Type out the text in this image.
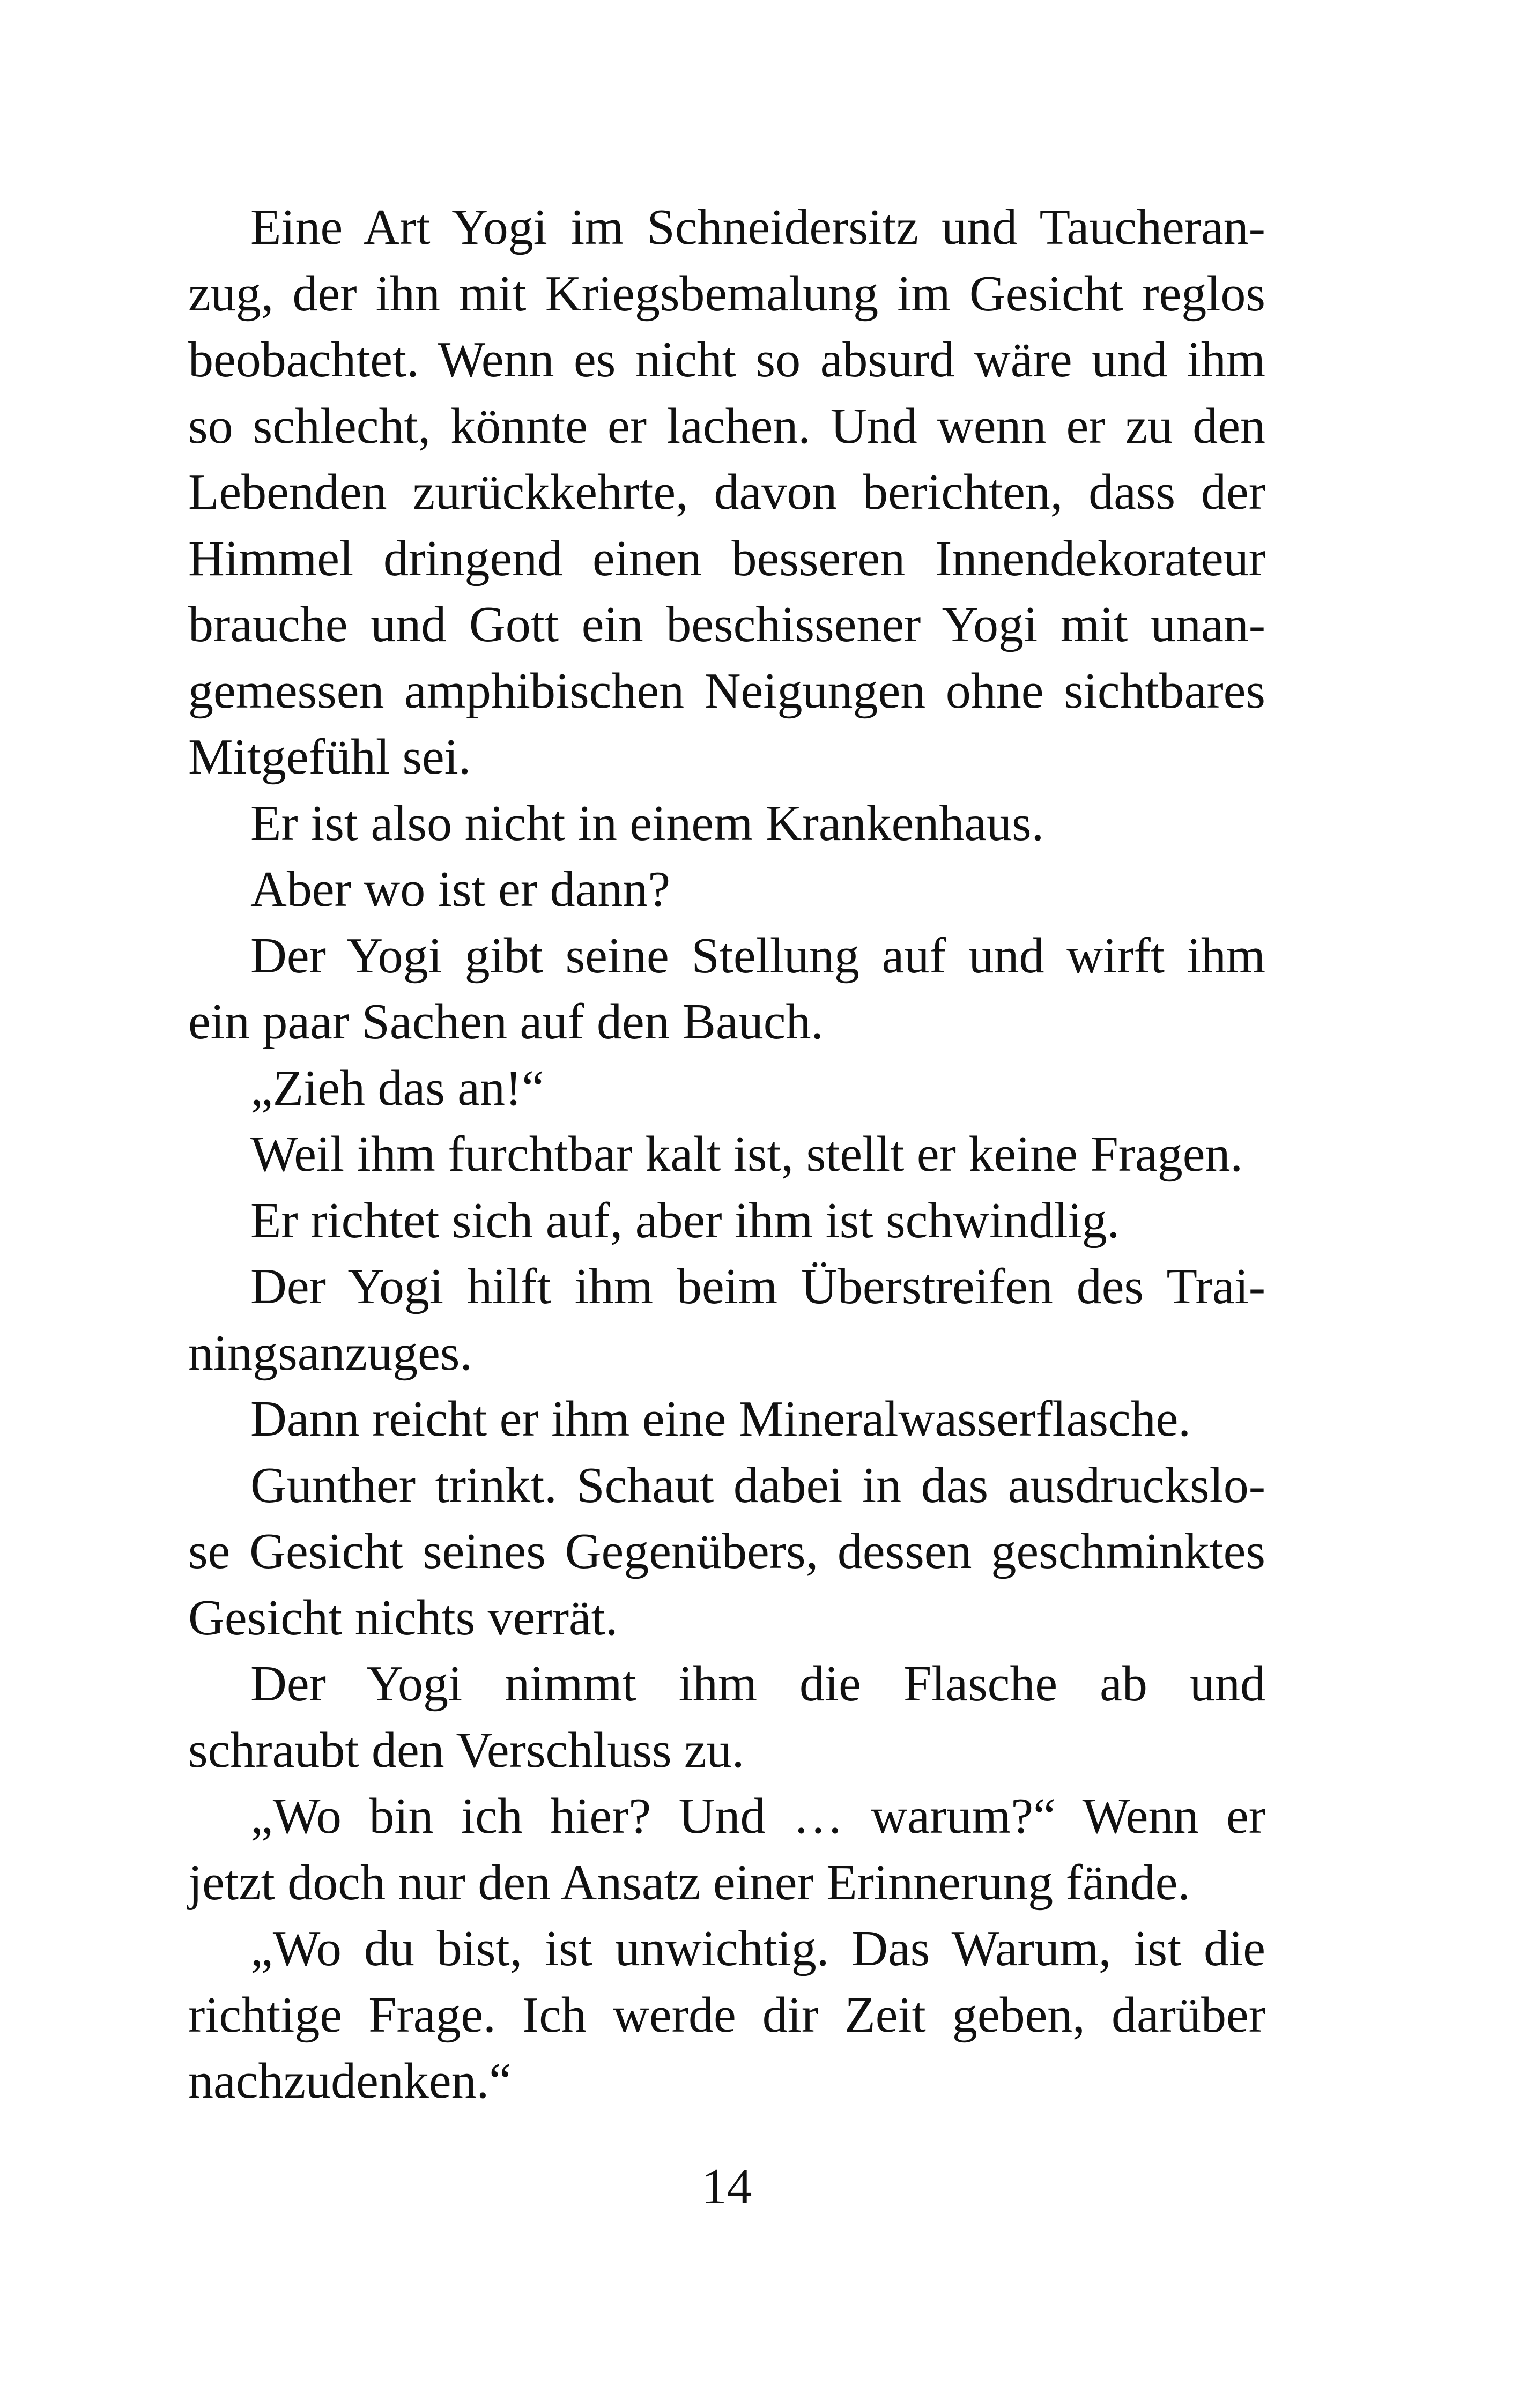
Eine Art Yogi im Schneidersitz und Taucheran-
zug, der ihn mit Kriegsbemalung im Gesicht reglos
beobachtet. Wenn es nicht so absurd wäre und ihm
so schlecht, könnte er lachen. Und wenn er zu den
Lebenden zurückkehrte, davon berichten, dass der
Himmel dringend einen besseren Innendekorateur
brauche und Gott ein beschissener Yogi mit unan-
gemessen amphibischen Neigungen ohne sichtbares
Mitgefühl sei.
Er ist also nicht in einem Krankenhaus.
Aber wo ist er dann?
Der Yogi gibt seine Stellung auf und wirft ihm
ein paar Sachen auf den Bauch.
„Zieh das an!“
Weil ihm furchtbar kalt ist, stellt er keine Fragen.
Er richtet sich auf, aber ihm ist schwindlig.
Der Yogi hilft ihm beim Überstreifen des Trai-
ningsanzuges.
Dann reicht er ihm eine Mineralwasserflasche.
Gunther trinkt. Schaut dabei in das ausdruckslo-
se Gesicht seines Gegenübers, dessen geschminktes
Gesicht nichts verrät.
Der Yogi nimmt ihm die Flasche ab und
schraubt den Verschluss zu.
„Wo bin ich hier? Und … warum?“ Wenn er
jetzt doch nur den Ansatz einer Erinnerung fände.
„Wo du bist, ist unwichtig. Das Warum, ist die
richtige Frage. Ich werde dir Zeit geben, darüber
nachzudenken.“
14
